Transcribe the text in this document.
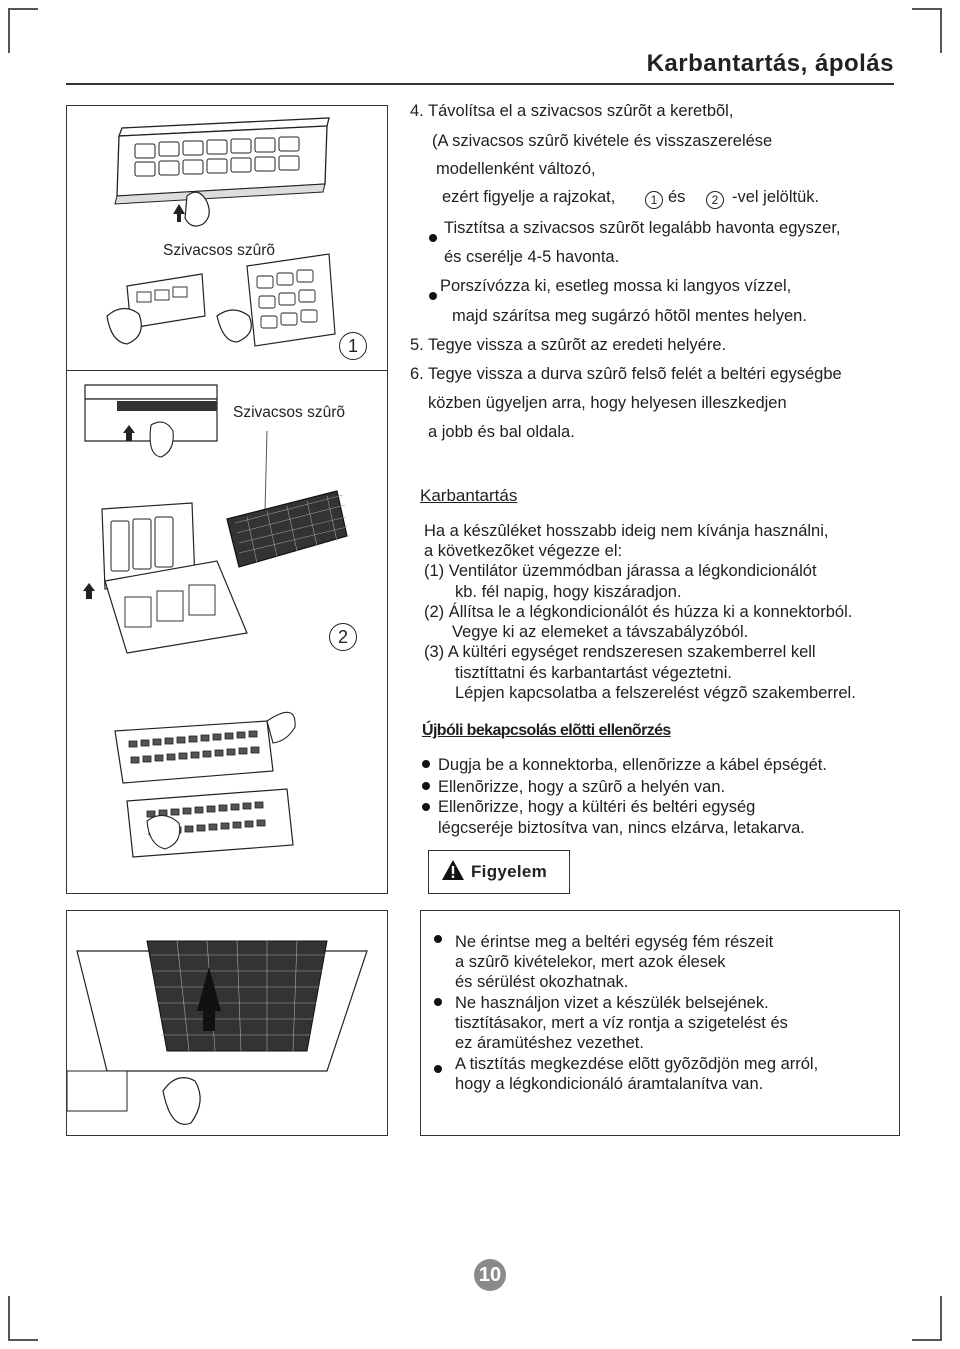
Karbantartás, ápolás
Szivacsos szûrõ
1
Szivacsos szûrõ
2
4. Távolítsa el a szivacsos szûrõt a keretbõl,
(A szivacsos szûrõ kivétele és visszaszerelése
modellenként változó,
ezért figyelje a rajzokat,	1 és	2 -vel jelöltük.
Tisztítsa a szivacsos szûrõt legalább havonta egyszer,
és cserélje 4-5 havonta.
Porszívózza ki, esetleg mossa ki langyos vízzel,
majd szárítsa meg sugárzó hõtõl mentes helyen.
5. Tegye vissza a szûrõt az eredeti helyére.
6. Tegye vissza a durva szûrõ felsõ felét a beltéri egységbe
közben ügyeljen arra, hogy helyesen illeszkedjen
a jobb és bal oldala.
Karbantartás
Ha a készûléket hosszabb ideig nem kívánja használni,
a következõket végezze el:
(1) Ventilátor üzemmódban járassa a légkondicionálót
kb. fél napig, hogy kiszáradjon.
(2) Állítsa le a légkondicionálót és húzza ki a konnektorból.
Vegye ki az elemeket a távszabályzóból.
(3) A kültéri egységet rendszeresen szakemberrel kell
tisztíttatni és karbantartást végeztetni.
Lépjen kapcsolatba a felszerelést végzõ szakemberrel.
Újbóli bekapcsolás elõtti ellenõrzés
Dugja be a konnektorba, ellenõrizze a kábel épségét.
Ellenõrizze, hogy a szûrõ a helyén van.
Ellenõrizze, hogy a kültéri és beltéri egység
légcseréje biztosítva van, nincs elzárva, letakarva.
Figyelem
Ne érintse meg a beltéri egység fém részeit
a szûrõ kivételekor, mert azok élesek
és sérülést okozhatnak.
Ne használjon vizet a készülék belsejének.
tisztításakor, mert a víz rontja a szigetelést és
ez áramütéshez vezethet.
A tisztítás megkezdése elõtt gyõzõdjön meg arról,
hogy a légkondicionáló áramtalanítva van.
10
